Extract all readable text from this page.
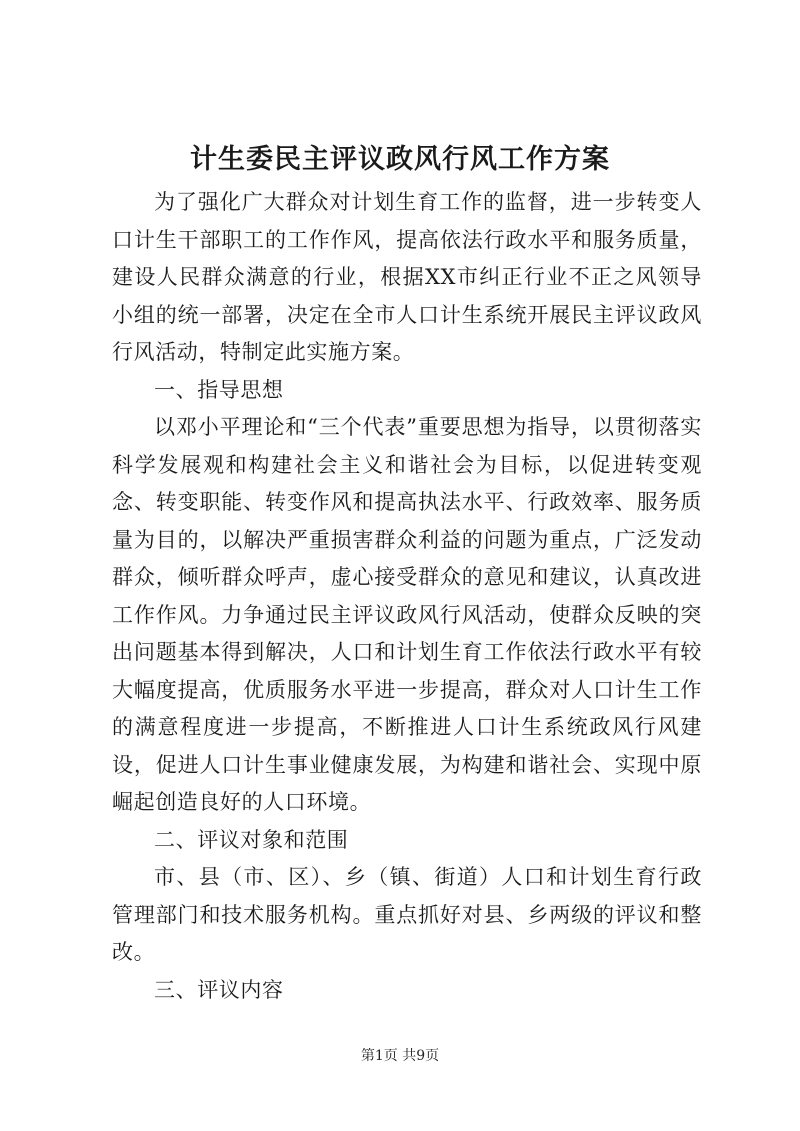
计生委民主评议政风行风工作方案

为了强化广大群众对计划生育工作的监督，进一步转变人口计生干部职工的工作作风，提高依法行政水平和服务质量，建设人民群众满意的行业，根据XX市纠正行业不正之风领导小组的统一部署，决定在全市人口计生系统开展民主评议政风行风活动，特制定此实施方案。

一、指导思想

以邓小平理论和“三个代表”重要思想为指导，以贯彻落实科学发展观和构建社会主义和谐社会为目标，以促进转变观念、转变职能、转变作风和提高执法水平、行政效率、服务质量为目的，以解决严重损害群众利益的问题为重点，广泛发动群众，倾听群众呼声，虚心接受群众的意见和建议，认真改进工作作风。力争通过民主评议政风行风活动，使群众反映的突出问题基本得到解决，人口和计划生育工作依法行政水平有较大幅度提高，优质服务水平进一步提高，群众对人口计生工作的满意程度进一步提高，不断推进人口计生系统政风行风建设，促进人口计生事业健康发展，为构建和谐社会、实现中原崛起创造良好的人口环境。

二、评议对象和范围

市、县（市、区）、乡（镇、街道）人口和计划生育行政管理部门和技术服务机构。重点抓好对县、乡两级的评议和整改。

三、评议内容

第1页 共9页
